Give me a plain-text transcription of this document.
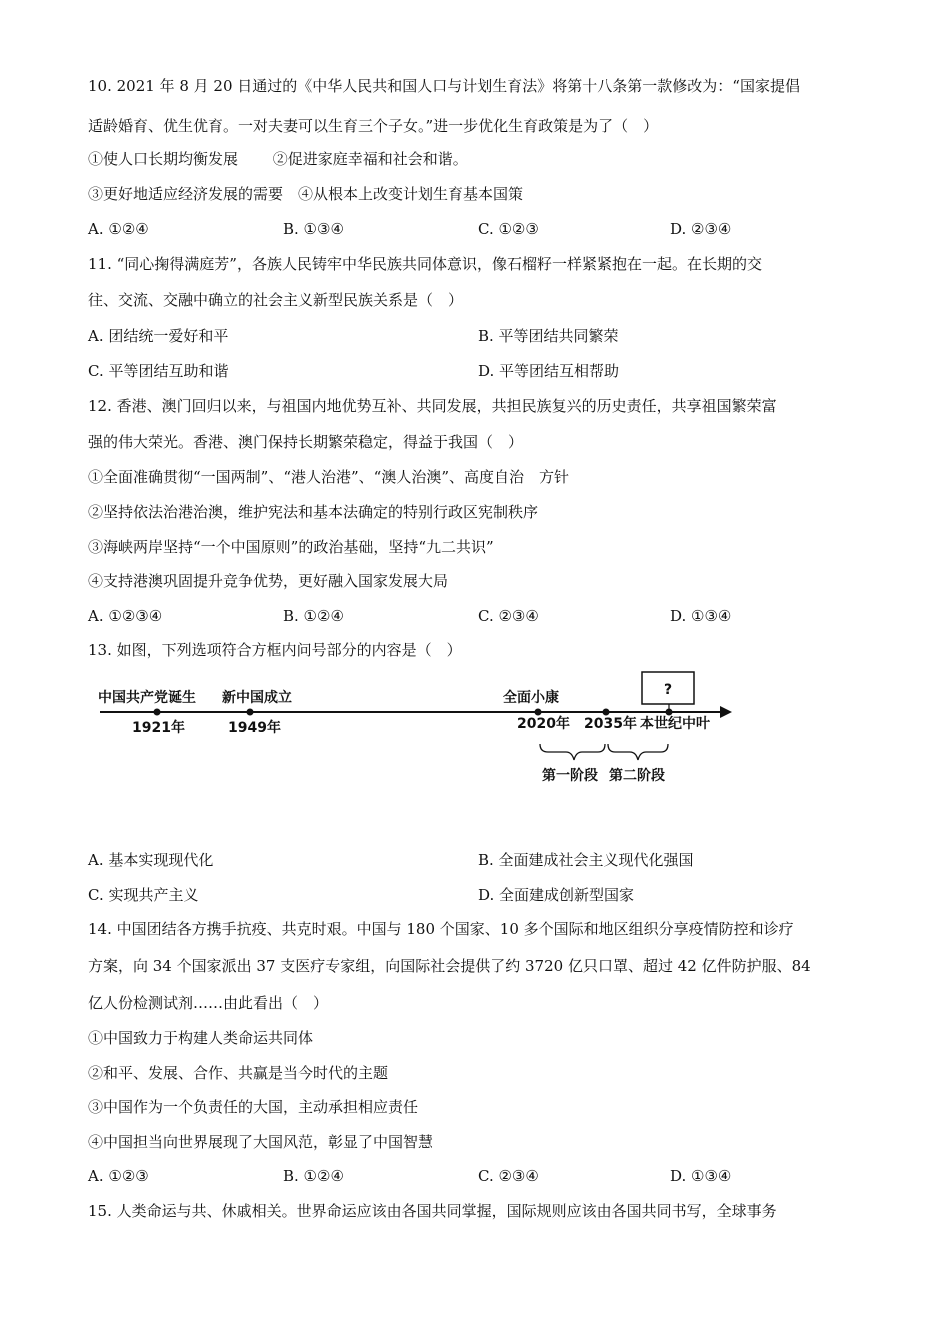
10. 2021 年 8 月 20 日通过的《中华人民共和国人口与计划生育法》将第十八条第一款修改为：“国家提倡
适龄婚育、优生优育。一对夫妻可以生育三个子女。”进一步优化生育政策是为了（　）
①使人口长期均衡发展　　 ②促进家庭幸福和社会和谐。
③更好地适应经济发展的需要　④从根本上改变计划生育基本国策
A. ①②④	B. ①③④	C. ①②③	D. ②③④
11. “同心掬得满庭芳”，各族人民铸牢中华民族共同体意识，像石榴籽一样紧紧抱在一起。在长期的交
往、交流、交融中确立的社会主义新型民族关系是（　）
A. 团结统一爱好和平	B. 平等团结共同繁荣
C. 平等团结互助和谐	D. 平等团结互相帮助
12. 香港、澳门回归以来，与祖国内地优势互补、共同发展，共担民族复兴的历史责任，共享祖国繁荣富
强的伟大荣光。香港、澳门保持长期繁荣稳定，得益于我国（　）
①全面准确贯彻“一国两制”、“港人治港”、“澳人治澳”、高度自治　方针
②坚持依法治港治澳，维护宪法和基本法确定的特别行政区宪制秩序
③海峡两岸坚持“一个中国原则”的政治基础，坚持“九二共识”
④支持港澳巩固提升竞争优势，更好融入国家发展大局
A. ①②③④	B. ①②④	C. ②③④	D. ①③④
13. 如图，下列选项符合方框内问号部分的内容是（　）
中国共产党诞生 新中国成立	全面小康	?
1921年	1949年	2020年 2035年 本世纪中叶
第一阶段 第二阶段
A. 基本实现现代化	B. 全面建成社会主义现代化强国
C. 实现共产主义	D. 全面建成创新型国家
14. 中国团结各方携手抗疫、共克时艰。中国与 180 个国家、10 多个国际和地区组织分享疫情防控和诊疗
方案，向 34 个国家派出 37 支医疗专家组，向国际社会提供了约 3720 亿只口罩、超过 42 亿件防护服、84
亿人份检测试剂……由此看出（　）
①中国致力于构建人类命运共同体
②和平、发展、合作、共赢是当今时代的主题
③中国作为一个负责任的大国，主动承担相应责任
④中国担当向世界展现了大国风范，彰显了中国智慧
A. ①②③	B. ①②④	C. ②③④	D. ①③④
15. 人类命运与共、休戚相关。世界命运应该由各国共同掌握，国际规则应该由各国共同书写，全球事务
